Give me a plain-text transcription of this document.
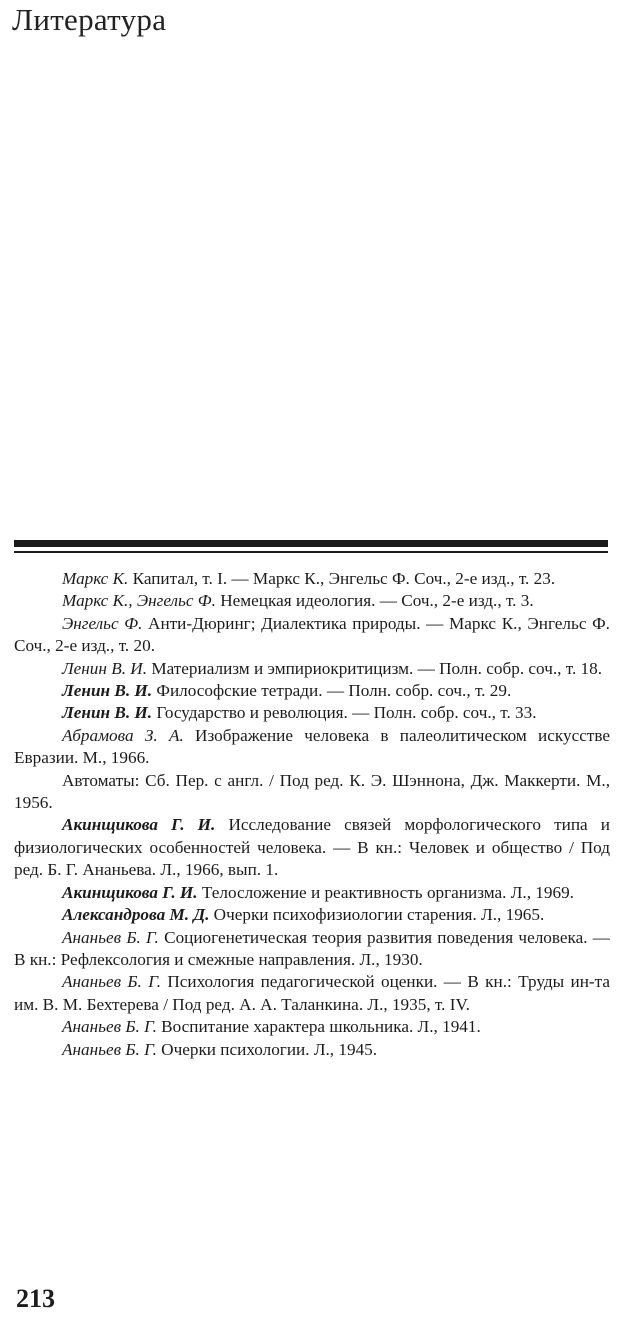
Литература
Маркс К. Капитал, т. I. — Маркс К., Энгельс Ф. Соч., 2-е изд., т. 23.
Маркс К., Энгельс Ф. Немецкая идеология. — Соч., 2-е изд., т. 3.
Энгельс Ф. Анти-Дюринг; Диалектика природы. — Маркс К., Энгельс Ф. Соч., 2-е изд., т. 20.
Ленин В. И. Материализм и эмпириокритицизм. — Полн. собр. соч., т. 18.
Ленин В. И. Философские тетради. — Полн. собр. соч., т. 29.
Ленин В. И. Государство и революция. — Полн. собр. соч., т. 33.
Абрамова З. А. Изображение человека в палеолитическом искусстве Евразии. М., 1966.
Автоматы: Сб. Пер. с англ. / Под ред. К. Э. Шэннона, Дж. Маккерти. М., 1956.
Акинщикова Г. И. Исследование связей морфологического типа и физиологических особенностей человека. — В кн.: Человек и общество / Под ред. Б. Г. Ананьева. Л., 1966, вып. 1.
Акинщикова Г. И. Телосложение и реактивность организма. Л., 1969.
Александрова М. Д. Очерки психофизиологии старения. Л., 1965.
Ананьев Б. Г. Социогенетическая теория развития поведения человека. — В кн.: Рефлексология и смежные направления. Л., 1930.
Ананьев Б. Г. Психология педагогической оценки. — В кн.: Труды ин-та им. В. М. Бехтерева / Под ред. А. А. Таланкина. Л., 1935, т. IV.
Ананьев Б. Г. Воспитание характера школьника. Л., 1941.
Ананьев Б. Г. Очерки психологии. Л., 1945.
213
